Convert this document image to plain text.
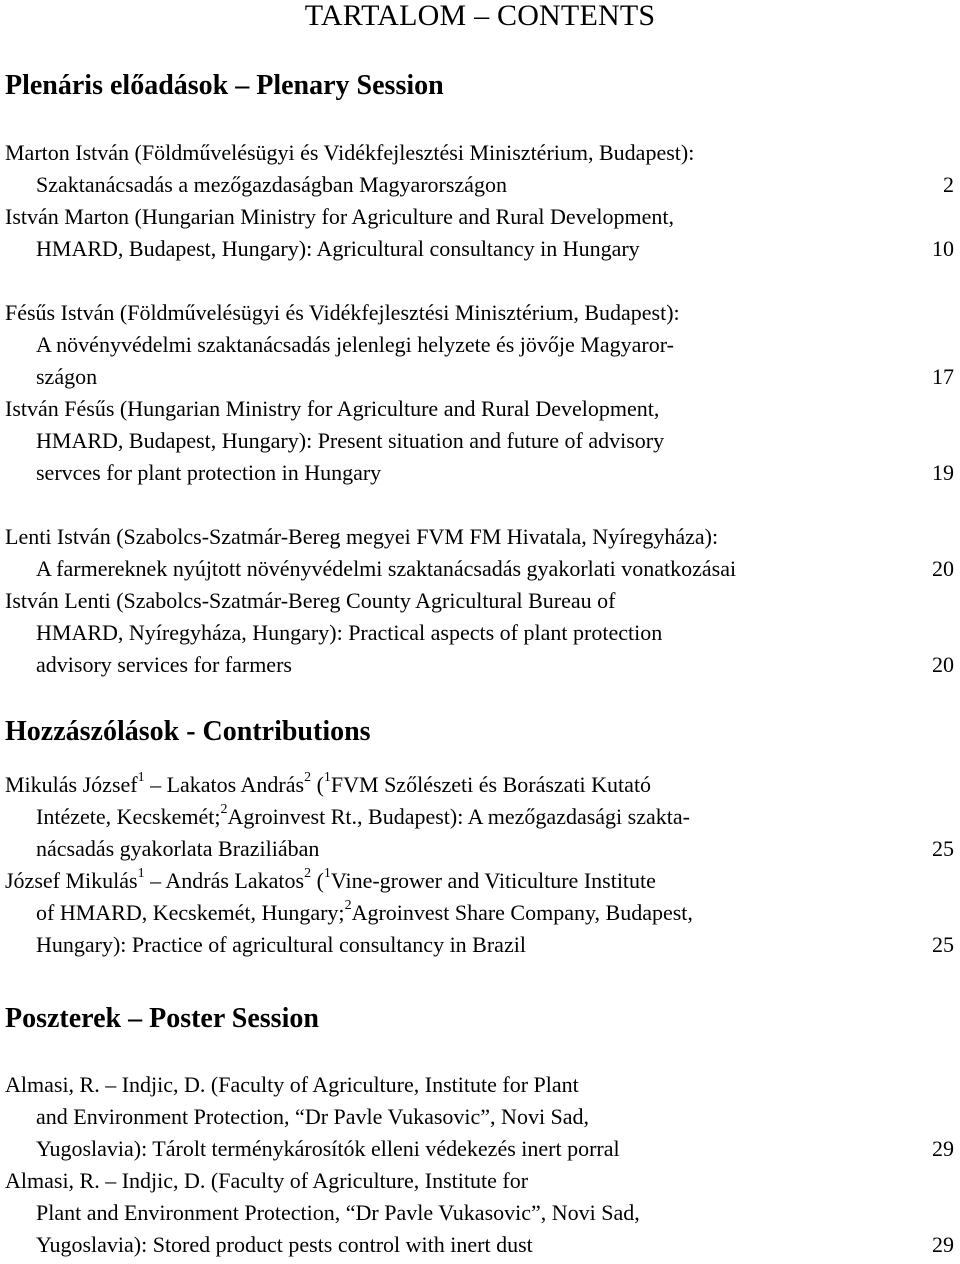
TARTALOM – CONTENTS
Plenáris előadások – Plenary Session
Marton István (Földművelésügyi és Vidékfejlesztési Minisztérium, Budapest):
Szaktanácsadás a mezőgazdaságban Magyarországon	2
István Marton (Hungarian Ministry for Agriculture and Rural Development,
HMARD, Budapest, Hungary): Agricultural consultancy in Hungary	10
Fésűs István (Földművelésügyi és Vidékfejlesztési Minisztérium, Budapest):
A növényvédelmi szaktanácsadás jelenlegi helyzete és jövője Magyaror-
szágon	17
István Fésűs (Hungarian Ministry for Agriculture and Rural Development,
HMARD, Budapest, Hungary): Present situation and future of advisory
servces for plant protection in Hungary	19
Lenti István (Szabolcs-Szatmár-Bereg megyei FVM FM Hivatala, Nyíregyháza):
A farmereknek nyújtott növényvédelmi szaktanácsadás gyakorlati vonatkozásai	20
István Lenti (Szabolcs-Szatmár-Bereg County Agricultural Bureau of
HMARD, Nyíregyháza, Hungary): Practical aspects of plant protection
advisory services for farmers	20
Hozzászólások - Contributions
Mikulás József$^1$ – Lakatos András$^2$ ($^1$FVM Szőlészeti és Borászati Kutató
Intézete, Kecskemét;$^2$Agroinvest Rt., Budapest): A mezőgazdasági szakta-
nácsadás gyakorlata Braziliában	25
József Mikulás$^1$ – András Lakatos$^2$ ($^1$Vine-grower and Viticulture Institute
of HMARD, Kecskemét, Hungary;$^2$Agroinvest Share Company, Budapest,
Hungary): Practice of agricultural consultancy in Brazil	25
Poszterek – Poster Session
Almasi, R. – Indjic, D. (Faculty of Agriculture, Institute for Plant
and Environment Protection, “Dr Pavle Vukasovic”, Novi Sad,
Yugoslavia): Tárolt terménykárosítók elleni védekezés inert porral	29
Almasi, R. – Indjic, D. (Faculty of Agriculture, Institute for
Plant and Environment Protection, “Dr Pavle Vukasovic”, Novi Sad,
Yugoslavia): Stored product pests control with inert dust	29
